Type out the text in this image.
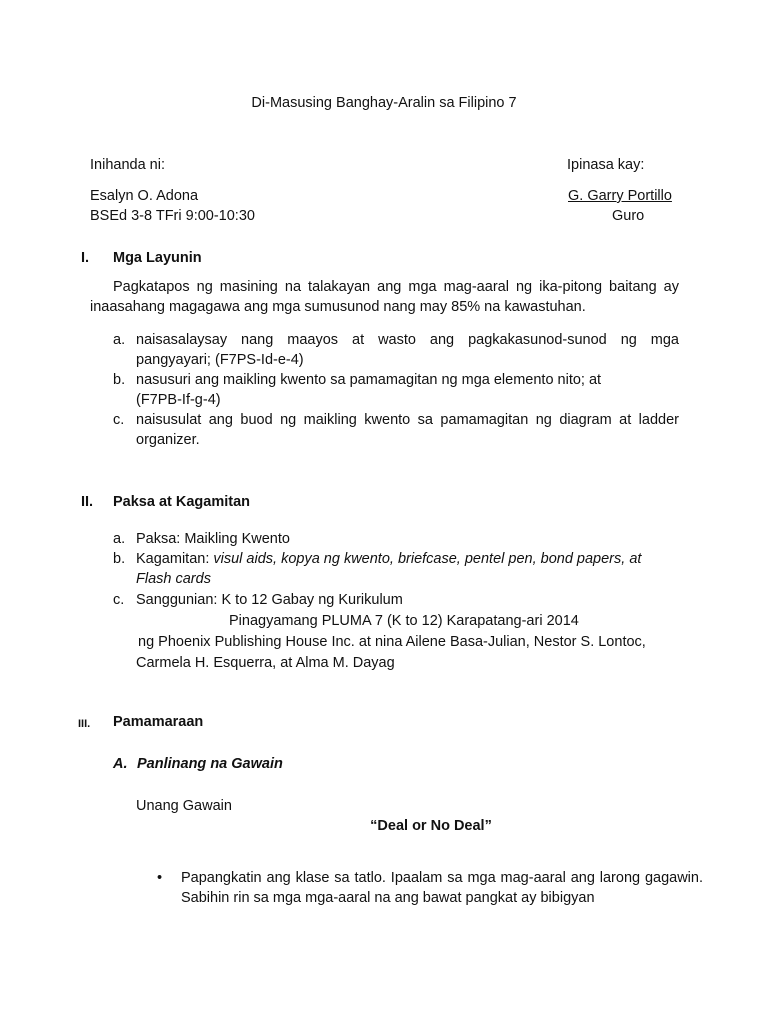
Di-Masusing Banghay-Aralin sa Filipino 7
Inihanda ni:	Ipinasa kay:
Esalyn O. Adona	G. Garry Portillo
BSEd 3-8 TFri 9:00-10:30	Guro
I. Mga Layunin
Pagkatapos ng masining na talakayan ang mga mag-aaral ng ika-pitong baitang ay inaasahang magagawa ang mga sumusunod nang may 85% na kawastuhan.
a. naisasalaysay nang maayos at wasto ang pagkakasunod-sunod ng mga
pangyayari; (F7PS-Id-e-4)
b. nasusuri ang maikling kwento sa pamamagitan ng mga elemento nito; at
(F7PB-If-g-4)
c. naisusulat ang buod ng maikling kwento sa pamamagitan ng diagram at ladder
organizer.
II. Paksa at Kagamitan
a. Paksa: Maikling Kwento
b. Kagamitan: visul aids, kopya ng kwento, briefcase, pentel pen, bond papers, at
Flash cards
c. Sanggunian: K to 12 Gabay ng Kurikulum
Pinagyamang PLUMA 7 (K to 12) Karapatang-ari 2014
ng Phoenix Publishing House Inc. at nina Ailene Basa-Julian, Nestor S. Lontoc,
Carmela H. Esquerra, at Alma M. Dayag
III. Pamamaraan
A. Panlinang na Gawain
Unang Gawain
“Deal or No Deal”
• Papangkatin ang klase sa tatlo. Ipaalam sa mga mag-aaral ang larong gagawin. Sabihin rin sa mga mga-aaral na ang bawat pangkat ay bibigyan
